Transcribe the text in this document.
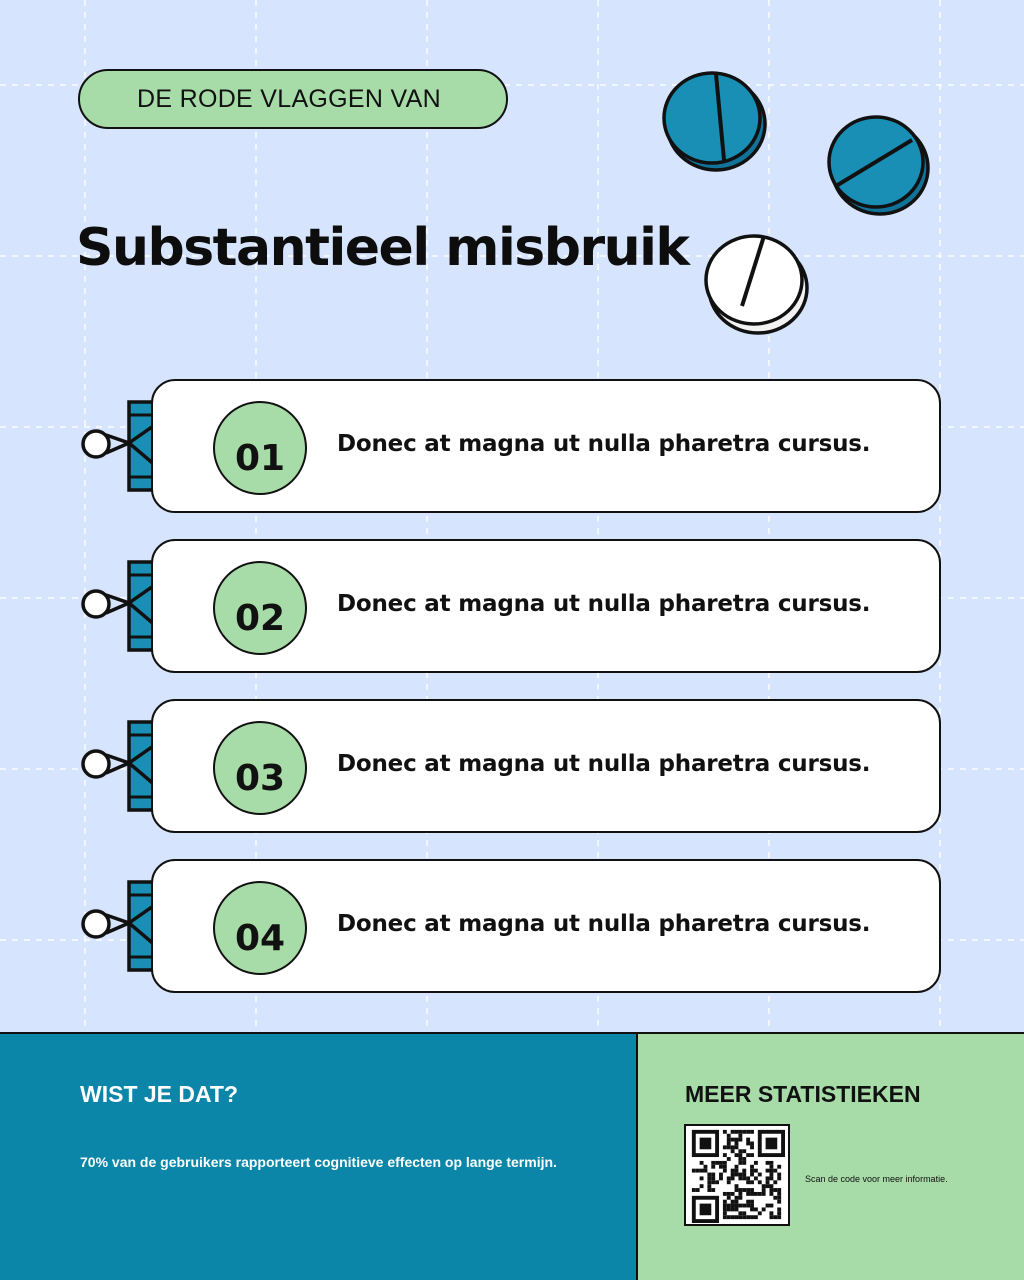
DE RODE VLAGGEN VAN
Substantieel misbruik
01	Donec at magna ut nulla pharetra cursus.
02	Donec at magna ut nulla pharetra cursus.
03	Donec at magna ut nulla pharetra cursus.
04	Donec at magna ut nulla pharetra cursus.
WIST JE DAT?
70% van de gebruikers rapporteert cognitieve effecten op lange termijn.
MEER STATISTIEKEN
Scan de code voor meer informatie.
